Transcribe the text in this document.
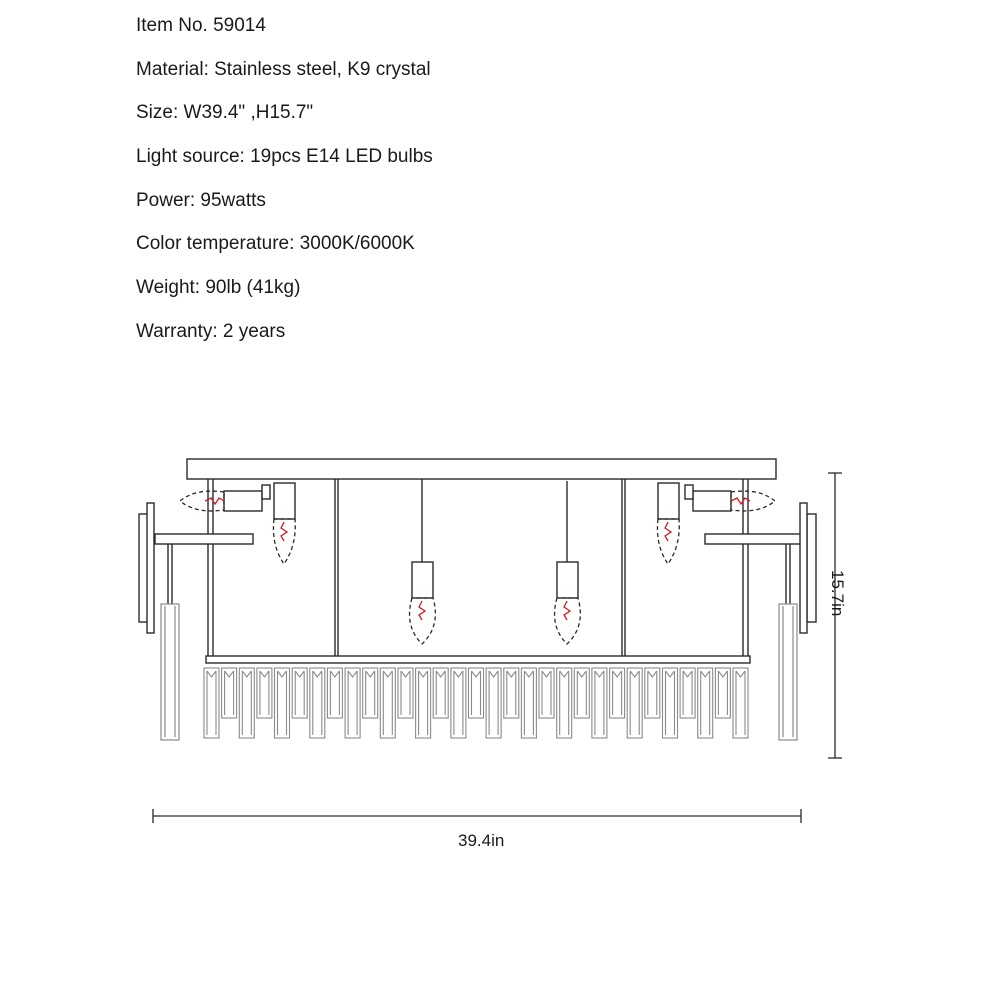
Item No. 59014
Material: Stainless steel, K9 crystal
Size: W39.4" ,H15.7"
Light source: 19pcs E14 LED bulbs
Power: 95watts
Color temperature: 3000K/6000K
Weight: 90lb (41kg)
Warranty: 2 years
39.4in
15.7in
